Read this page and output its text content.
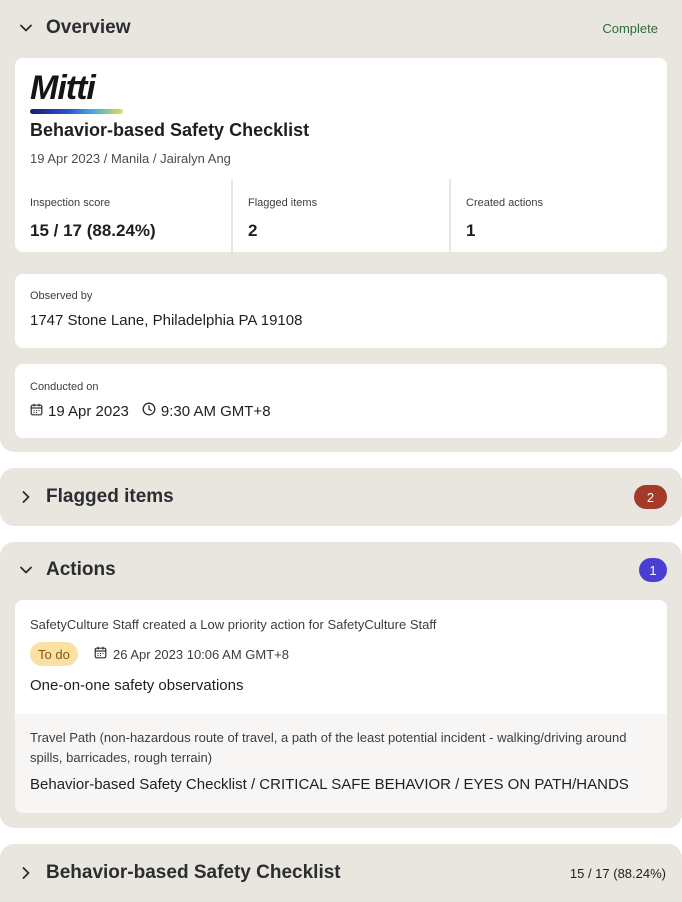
Overview	Complete
Mitti
Behavior-based Safety Checklist
19 Apr 2023 / Manila / Jairalyn Ang
Inspection score
15 / 17 (88.24%)
Flagged items
2
Created actions
1
Observed by
1747 Stone Lane, Philadelphia PA 19108
Conducted on
19 Apr 2023 9:30 AM GMT+8
Flagged items	2
Actions	1
SafetyCulture Staff created a Low priority action for SafetyCulture Staff
To do	26 Apr 2023 10:06 AM GMT+8
One-on-one safety observations
Travel Path (non-hazardous route of travel, a path of the least potential incident - walking/driving around spills, barricades, rough terrain)
Behavior-based Safety Checklist / CRITICAL SAFE BEHAVIOR / EYES ON PATH/HANDS
Behavior-based Safety Checklist	15 / 17 (88.24%)
